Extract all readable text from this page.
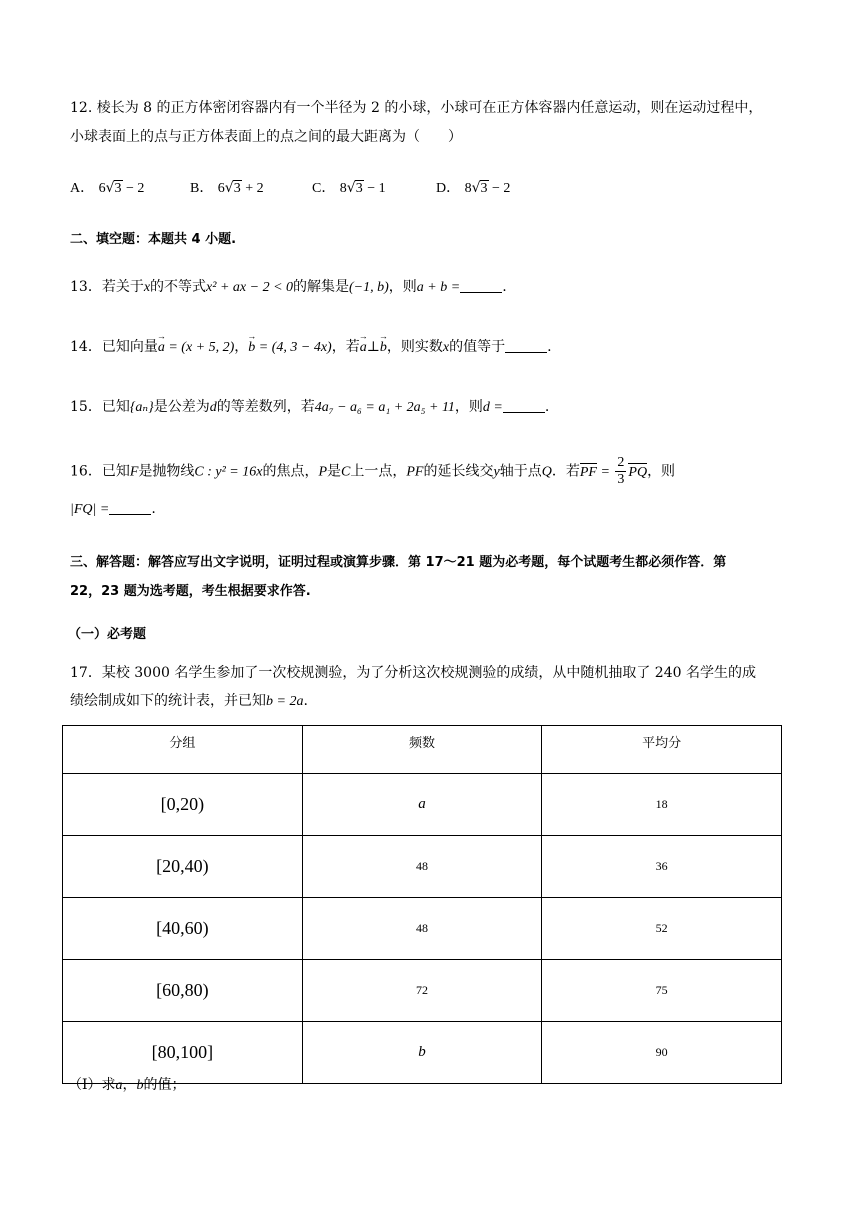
12. 棱长为 8 的正方体密闭容器内有一个半径为 2 的小球，小球可在正方体容器内任意运动，则在运动过程中，
小球表面上的点与正方体表面上的点之间的最大距离为（　　）
A． 6√3 − 2	B． 6√3 + 2	C． 8√3 − 1	D． 8√3 − 2
二、填空题：本题共 4 小题.
13．若关于x的不等式x² + ax − 2 < 0的解集是(−1, b)，则a + b =	.
14．已知向量→ a = (x + 5, 2)，→ b = (4, 3 − 4x)，若→ a⊥→ b，则实数x的值等于	.
15．已知{aₙ}是公差为d的等差数列，若4a₇ − a₆ = a₁ + 2a₅ + 11，则d =	.
16．已知F是抛物线C : y² = 16x的焦点，P是C上一点，PF的延长线交y轴于点Q．若PF = $\frac{2}{3}$ PQ，则
|FQ| =	.
三、解答题：解答应写出文字说明，证明过程或演算步骤．第 17～21 题为必考题，每个试题考生都必须作答．第
22，23 题为选考题，考生根据要求作答.
（一）必考题
17．某校 3000 名学生参加了一次校规测验，为了分析这次校规测验的成绩，从中随机抽取了 240 名学生的成
绩绘制成如下的统计表，并已知b = 2a.
分组	频数	平均分
[0,20)	a	18
[20,40)	48	36
[40,60)	48	52
[60,80)	72	75
[80,100]	b	90
（Ⅰ）求a，b的值；
